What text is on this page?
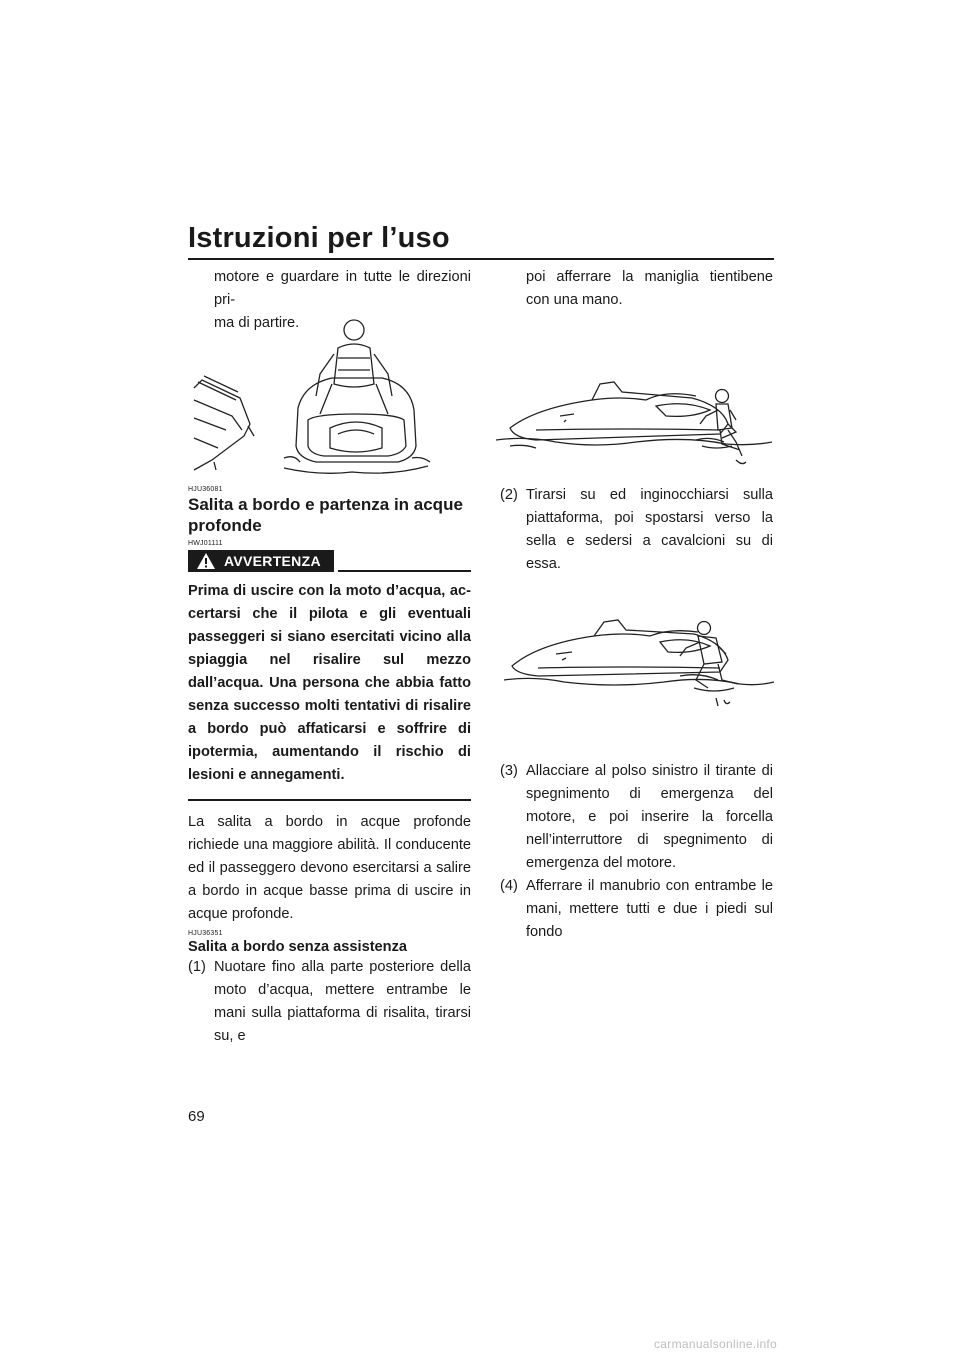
Istruzioni per l’uso

motore e guardare in tutte le direzioni pri-

ma di partire.

HJU36081

Salita a bordo e partenza in acque profonde

HWJ01111

AVVERTENZA

Prima di uscire con la moto d’acqua, accertarsi che il pilota e gli eventuali passeggeri si siano esercitati vicino alla spiaggia nel risalire sul mezzo dall’acqua. Una persona che abbia fatto senza successo molti tentativi di risalire a bordo può affaticarsi e soffrire di ipotermia, aumentando il rischio di lesioni e annegamenti.

La salita a bordo in acque profonde richiede una maggiore abilità. Il conducente ed il passeggero devono esercitarsi a salire a bordo in acque basse prima di uscire in acque profonde.

HJU36351

Salita a bordo senza assistenza

(1) Nuotare fino alla parte posteriore della moto d’acqua, mettere entrambe le mani sulla piattaforma di risalita, tirarsi su, e

poi afferrare la maniglia tientibene con una mano.

(2) Tirarsi su ed inginocchiarsi sulla piattaforma, poi spostarsi verso la sella e sedersi a cavalcioni su di essa.
(3) Allacciare al polso sinistro il tirante di spegnimento di emergenza del motore, e poi inserire la forcella nell’interruttore di spegnimento di emergenza del motore.
(4) Afferrare il manubrio con entrambe le mani, mettere tutti e due i piedi sul fondo
69
carmanualsonline.info
